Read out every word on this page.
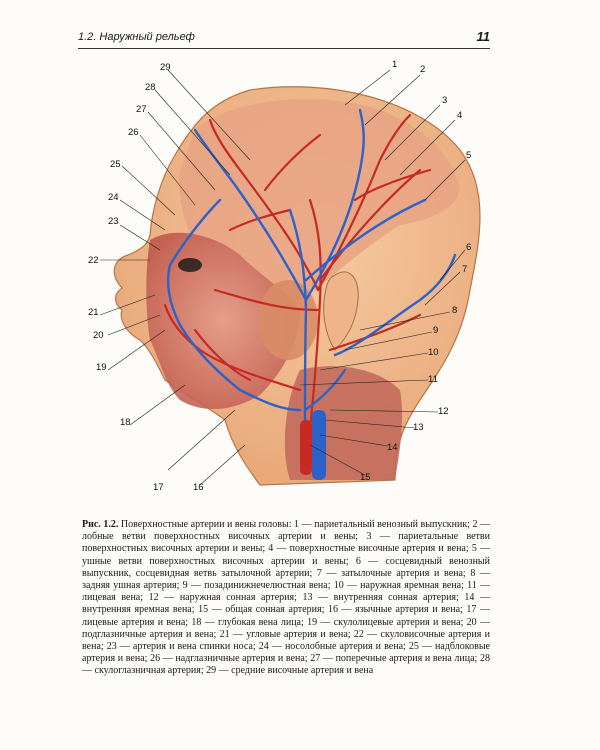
1.2. Наружный рельеф	11
1 2
3
4
5
6
7
8
9
10
11
12
13
14
15
16
17
18
19
20
21
22
23
24
25
26
27
28
29
Рис. 1.2. Поверхностные артерии и вены головы: 1 — париетальный венозный выпускник; 2 — лобные ветви поверхностных височных артерии и вены; 3 — париетальные ветви поверхностных височных артерии и вены; 4 — поверхностные височные артерия и вена; 5 — ушные ветви поверхностных височных артерии и вены; 6 — сосцевидный венозный выпускник, сосцевидная ветвь затылочной артерии; 7 — затылочные артерия и вена; 8 — задняя ушная артерия; 9 — позадинижнечелюстная вена; 10 — наружная яремная вена; 11 — лицевая вена; 12 — наружная сонная артерия; 13 — внутренняя сонная артерия; 14 — внутренняя яремная вена; 15 — общая сонная артерия; 16 — язычные артерия и вена; 17 — лицевые артерия и вена; 18 — глубокая вена лица; 19 — скулолицевые артерия и вена; 20 — подглазничные артерия и вена; 21 — угловые артерия и вена; 22 — скуловисочные артерия и вена; 23 — артерия и вена спинки носа; 24 — носолобные артерия и вена; 25 — надблоковые артерия и вена; 26 — надглазничные артерия и вена; 27 — поперечные артерия и вена лица; 28 — скулоглазничная артерия; 29 — средние височные артерия и вена
